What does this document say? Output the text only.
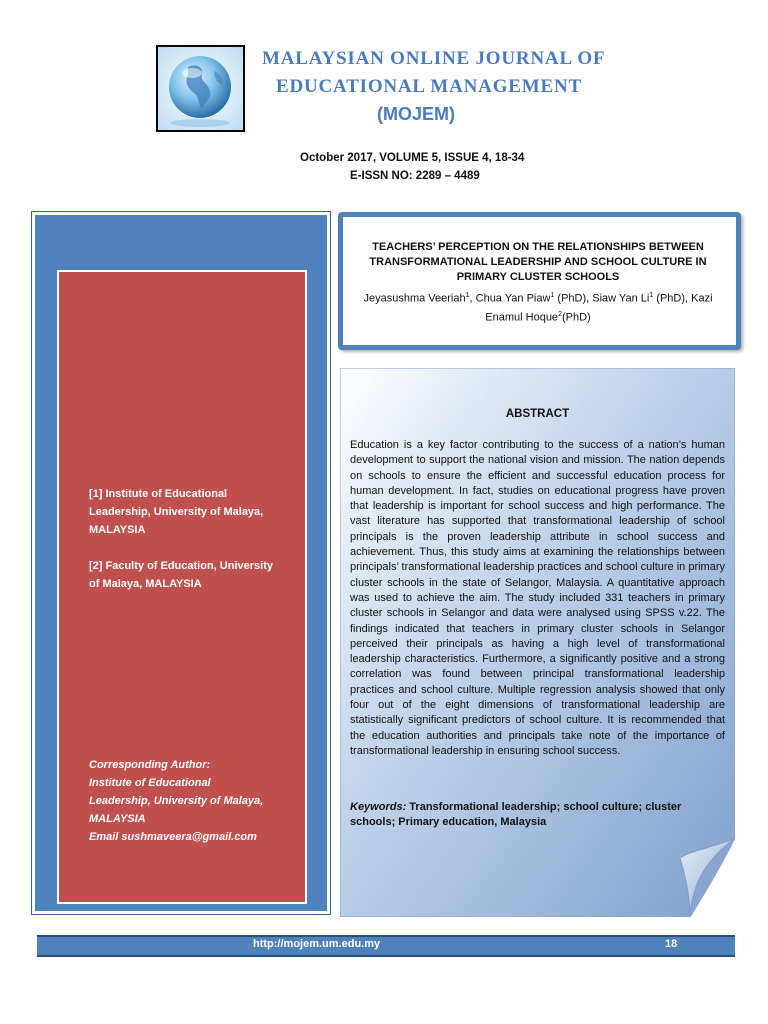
MALAYSIAN ONLINE JOURNAL OF
EDUCATIONAL MANAGEMENT
(MOJEM)
October 2017, VOLUME 5, ISSUE 4, 18-34
E-ISSN NO: 2289 – 4489
[1] Institute of Educational Leadership, University of Malaya, MALAYSIA
[2] Faculty of Education, University of Malaya, MALAYSIA
Corresponding Author:
Institute of Educational
Leadership, University of Malaya,
MALAYSIA
Email sushmaveera@gmail.com
TEACHERS’ PERCEPTION ON THE RELATIONSHIPS BETWEEN TRANSFORMATIONAL LEADERSHIP AND SCHOOL CULTURE IN PRIMARY CLUSTER SCHOOLS
Jeyasushma Veeriah$^1$, Chua Yan Piaw$^1$ (PhD), Siaw Yan Li$^1$ (PhD), Kazi Enamul Hoque$^2$(PhD)
ABSTRACT
Education is a key factor contributing to the success of a nation’s human development to support the national vision and mission. The nation depends on schools to ensure the efficient and successful education process for human development. In fact, studies on educational progress have proven that leadership is important for school success and high performance. The vast literature has supported that transformational leadership of school principals is the proven leadership attribute in school success and achievement. Thus, this study aims at examining the relationships between principals’ transformational leadership practices and school culture in primary cluster schools in the state of Selangor, Malaysia. A quantitative approach was used to achieve the aim. The study included 331 teachers in primary cluster schools in Selangor and data were analysed using SPSS v.22. The findings indicated that teachers in primary cluster schools in Selangor perceived their principals as having a high level of transformational leadership characteristics. Furthermore, a significantly positive and a strong correlation was found between principal transformational leadership practices and school culture. Multiple regression analysis showed that only four out of the eight dimensions of transformational leadership are statistically significant predictors of school culture. It is recommended that the education authorities and principals take note of the importance of transformational leadership in ensuring school success.
Keywords: Transformational leadership; school culture; cluster schools; Primary education, Malaysia
http://mojem.um.edu.my	18
